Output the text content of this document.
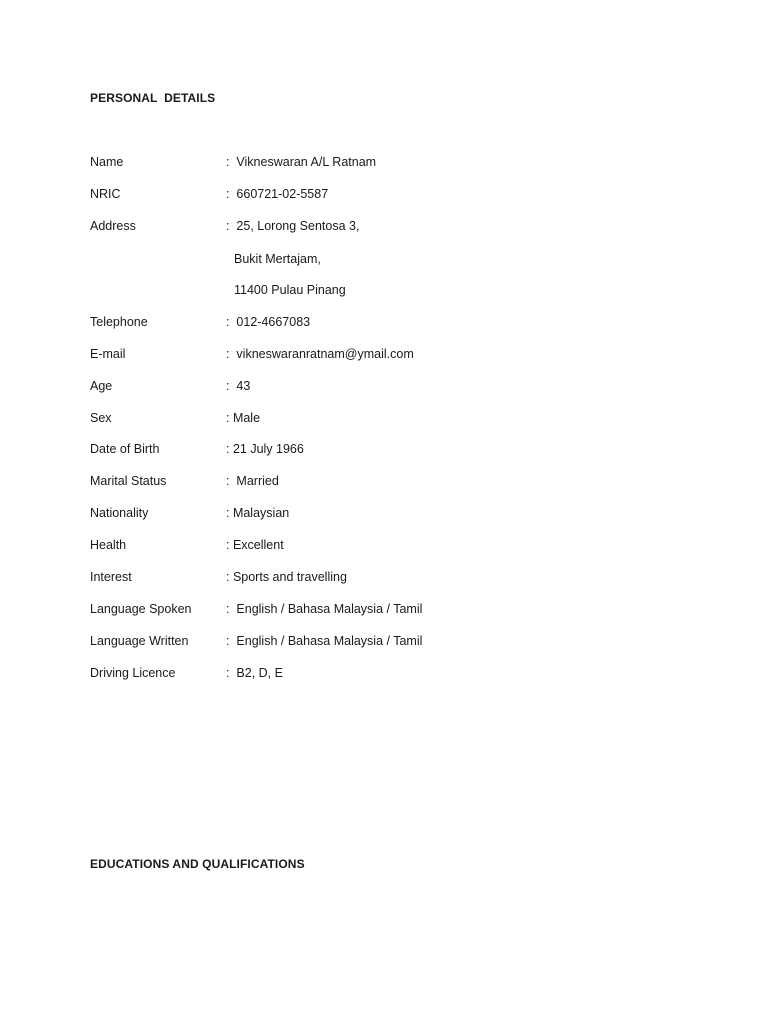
PERSONAL  DETAILS

Name

	:  Vikneswaran A/L Ratnam

NRIC

	:  660721-02-5587

Address

	:  25, Lorong Sentosa 3,

Bukit Mertajam,
11400 Pulau Pinang

Telephone

	:  012-4667083

E-mail

	:  vikneswaranratnam@ymail.com

Age

	:  43

Sex

	: Male

Date of Birth

	: 21 July 1966

Marital Status

	:  Married

Nationality

	: Malaysian

Health

	: Excellent

Interest

	: Sports and travelling

Language Spoken

	:  English / Bahasa Malaysia / Tamil

Language Written

	:  English / Bahasa Malaysia / Tamil

Driving Licence

	:  B2, D, E

EDUCATIONS AND QUALIFICATIONS
